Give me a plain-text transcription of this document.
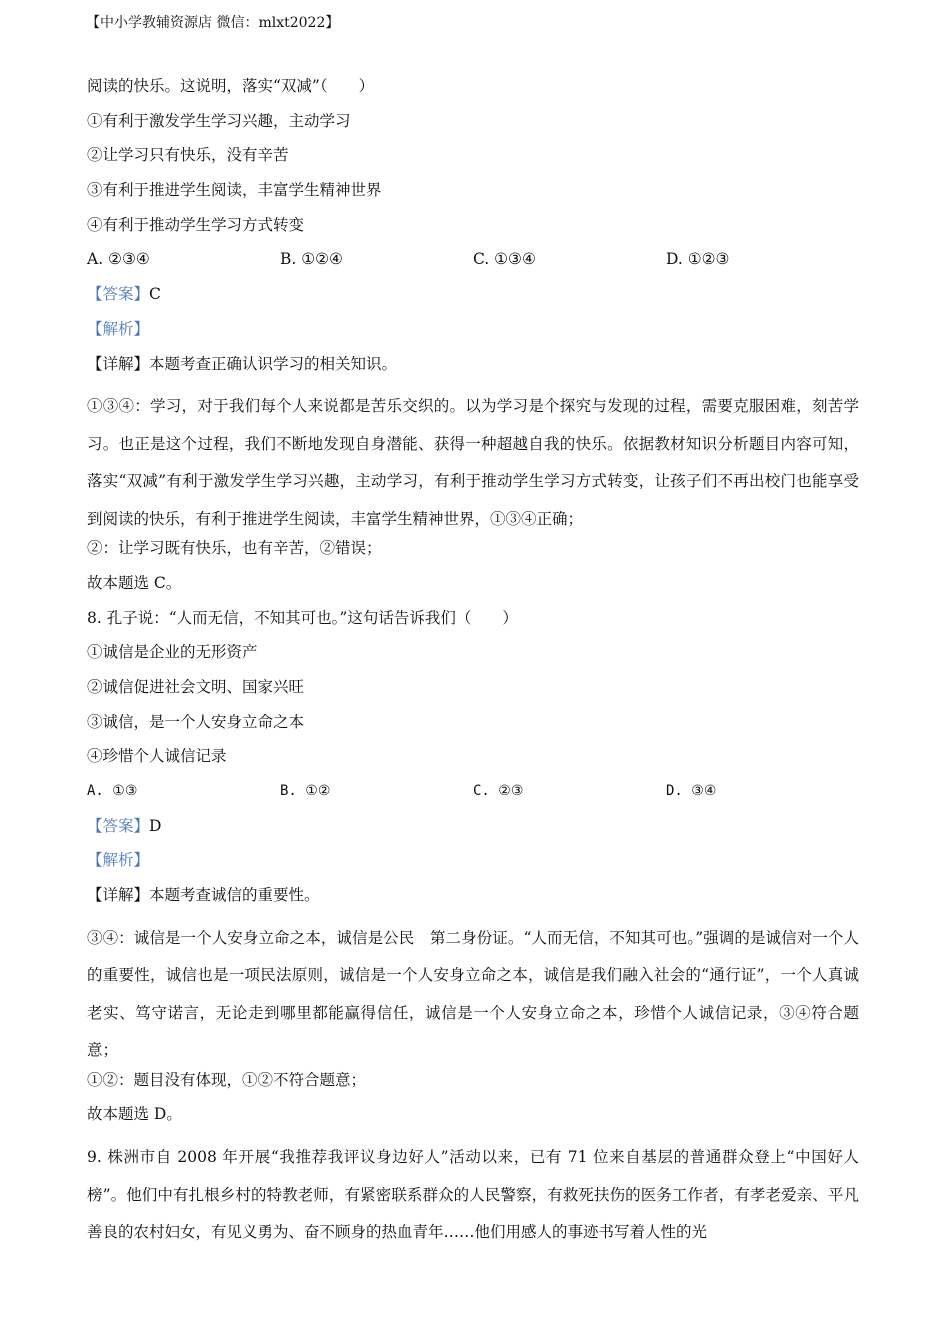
【中小学教辅资源店 微信：mlxt2022】
阅读的快乐。这说明，落实“双减”（　　）
①有利于激发学生学习兴趣，主动学习
②让学习只有快乐，没有辛苦
③有利于推进学生阅读，丰富学生精神世界
④有利于推动学生学习方式转变
A. ②③④	B. ①②④	C. ①③④	D. ①②③
【答案】C
【解析】
【详解】本题考查正确认识学习的相关知识。
①③④：学习，对于我们每个人来说都是苦乐交织的。以为学习是个探究与发现的过程，需要克服困难，刻苦学习。也正是这个过程，我们不断地发现自身潜能、获得一种超越自我的快乐。依据教材知识分析题目内容可知，落实“双减”有利于激发学生学习兴趣，主动学习，有利于推动学生学习方式转变，让孩子们不再出校门也能享受到阅读的快乐，有利于推进学生阅读，丰富学生精神世界，①③④正确；
②：让学习既有快乐，也有辛苦，②错误；
故本题选 C。
8. 孔子说：“人而无信，不知其可也。”这句话告诉我们（　　）
①诚信是企业的无形资产
②诚信促进社会文明、国家兴旺
③诚信，是一个人安身立命之本
④珍惜个人诚信记录
A. ①③	B. ①②	C. ②③	D. ③④
【答案】D
【解析】
【详解】本题考查诚信的重要性。
③④：诚信是一个人安身立命之本，诚信是公民　第二身份证。“人而无信，不知其可也。”强调的是诚信对一个人的重要性，诚信也是一项民法原则，诚信是一个人安身立命之本，诚信是我们融入社会的“通行证”，一个人真诚老实、笃守诺言，无论走到哪里都能赢得信任，诚信是一个人安身立命之本，珍惜个人诚信记录，③④符合题意；
①②：题目没有体现，①②不符合题意；
故本题选 D。
9. 株洲市自 2008 年开展“我推荐我评议身边好人”活动以来，已有 71 位来自基层的普通群众登上“中国好人榜”。他们中有扎根乡村的特教老师，有紧密联系群众的人民警察，有救死扶伤的医务工作者，有孝老爱亲、平凡善良的农村妇女，有见义勇为、奋不顾身的热血青年……他们用感人的事迹书写着人性的光
